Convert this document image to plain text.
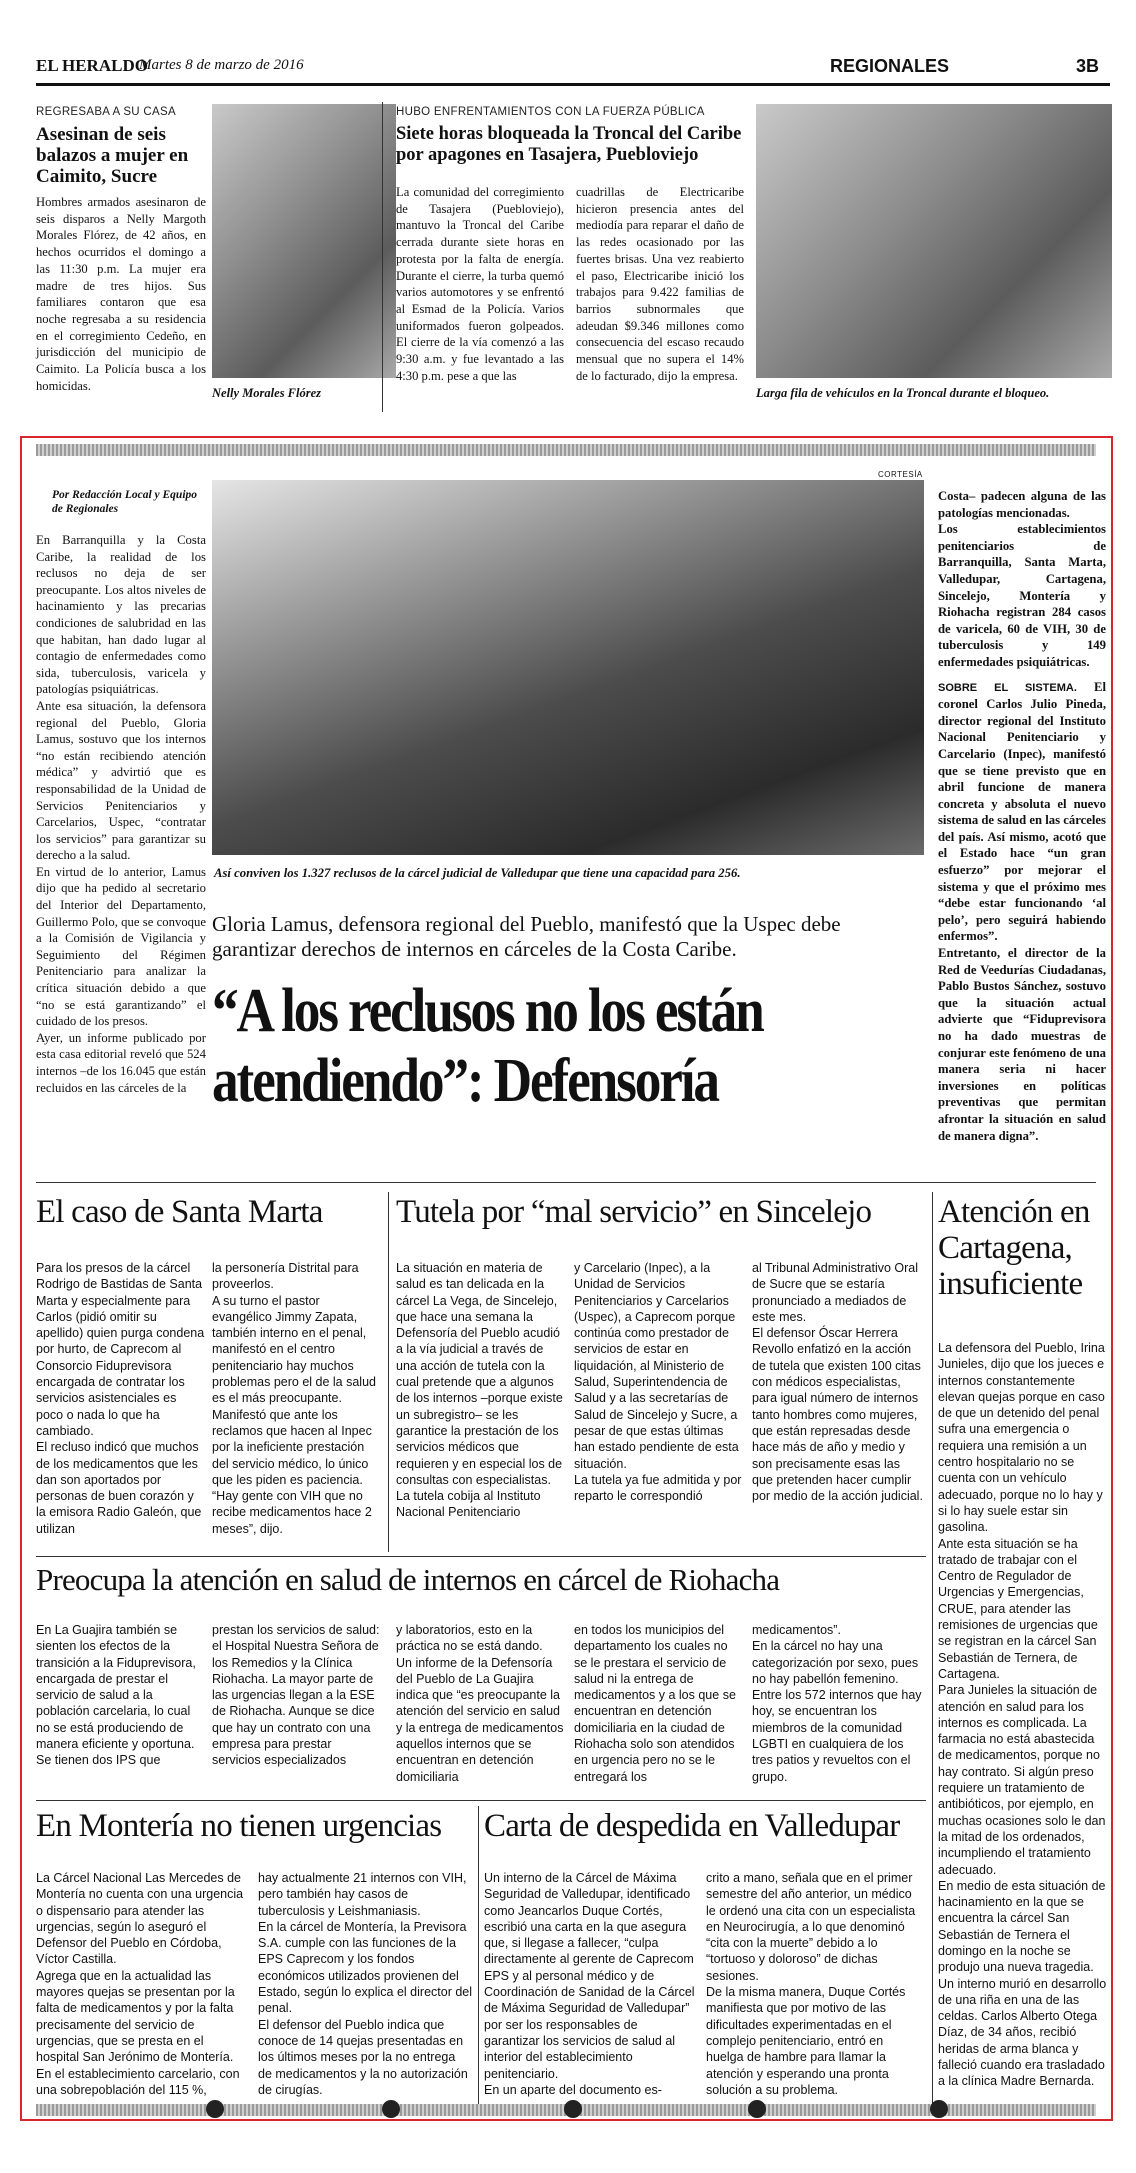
EL HERALDO
Martes 8 de marzo de 2016	REGIONALES	3B
REGRESABA A SU CASA
Asesinan de seis balazos a mujer en Caimito, Sucre
Hombres armados asesinaron de seis disparos a Nelly Margoth Morales Flórez, de 42 años, en hechos ocurridos el domingo a las 11:30 p.m. La mujer era madre de tres hijos. Sus familiares contaron que esa noche regresaba a su residencia en el corregimiento Cedeño, en jurisdicción del municipio de Caimito. La Policía busca a los homicidas.
Nelly Morales Flórez
HUBO ENFRENTAMIENTOS CON LA FUERZA PÚBLICA
Siete horas bloqueada la Troncal del Caribe por apagones en Tasajera, Puebloviejo
La comunidad del corregimiento de Tasajera (Puebloviejo), mantuvo la Troncal del Caribe cerrada durante siete horas en protesta por la falta de energía. Durante el cierre, la turba quemó varios automotores y se enfrentó al Esmad de la Policía. Varios uniformados fueron golpeados. El cierre de la vía comenzó a las 9:30 a.m. y fue levantado a las 4:30 p.m. pese a que las
cuadrillas de Electricaribe hicieron presencia antes del mediodía para reparar el daño de las redes ocasionado por las fuertes brisas. Una vez reabierto el paso, Electricaribe inició los trabajos para 9.422 familias de barrios subnormales que adeudan $9.346 millones como consecuencia del escaso recaudo mensual que no supera el 14% de lo facturado, dijo la empresa.
Larga fila de vehículos en la Troncal durante el bloqueo.
Por Redacción Local y Equipo de Regionales
En Barranquilla y la Costa Caribe, la realidad de los reclusos no deja de ser preocupante. Los altos niveles de hacinamiento y las precarias condiciones de salubridad en las que habitan, han dado lugar al contagio de enfermedades como sida, tuberculosis, varicela y patologías psiquiátricas.
Ante esa situación, la defensora regional del Pueblo, Gloria Lamus, sostuvo que los internos “no están recibiendo atención médica” y advirtió que es responsabilidad de la Unidad de Servicios Penitenciarios y Carcelarios, Uspec, “contratar los servicios” para garantizar su derecho a la salud.
En virtud de lo anterior, Lamus dijo que ha pedido al secretario del Interior del Departamento, Guillermo Polo, que se convoque a la Comisión de Vigilancia y Seguimiento del Régimen Penitenciario para analizar la crítica situación debido a que “no se está garantizando” el cuidado de los presos.
Ayer, un informe publicado por esta casa editorial reveló que 524 internos –de los 16.045 que están recluidos en las cárceles de la
CORTESÍA
Así conviven los 1.327 reclusos de la cárcel judicial de Valledupar que tiene una capacidad para 256.
Gloria Lamus, defensora regional del Pueblo, manifestó que la Uspec debe garantizar derechos de internos en cárceles de la Costa Caribe.
“A los reclusos no los están atendiendo”: Defensoría
Costa– padecen alguna de las patologías mencionadas.
Los establecimientos penitenciarios de Barranquilla, Santa Marta, Valledupar, Cartagena, Sincelejo, Montería y Riohacha registran 284 casos de varicela, 60 de VIH, 30 de tuberculosis y 149 enfermedades psiquiátricas.
SOBRE EL SISTEMA. El coronel Carlos Julio Pineda, director regional del Instituto Nacional Penitenciario y Carcelario (Inpec), manifestó que se tiene previsto que en abril funcione de manera concreta y absoluta el nuevo sistema de salud en las cárceles del país. Así mismo, acotó que el Estado hace “un gran esfuerzo” por mejorar el sistema y que el próximo mes “debe estar funcionando ‘al pelo’, pero seguirá habiendo enfermos”.
Entretanto, el director de la Red de Veedurías Ciudadanas, Pablo Bustos Sánchez, sostuvo que la situación actual advierte que “Fiduprevisora no ha dado muestras de conjurar este fenómeno de una manera seria ni hacer inversiones en políticas preventivas que permitan afrontar la situación en salud de manera digna”.
El caso de Santa Marta
Para los presos de la cárcel Rodrigo de Bastidas de Santa Marta y especialmente para Carlos (pidió omitir su apellido) quien purga condena por hurto, de Caprecom al Consorcio Fiduprevisora encargada de contratar los servicios asistenciales es poco o nada lo que ha cambiado.
El recluso indicó que muchos de los medicamentos que les dan son aportados por personas de buen corazón y la emisora Radio Galeón, que utilizan
la personería Distrital para proveerlos.
A su turno el pastor evangélico Jimmy Zapata, también interno en el penal, manifestó en el centro penitenciario hay muchos problemas pero el de la salud es el más preocupante.
Manifestó que ante los reclamos que hacen al Inpec por la ineficiente prestación del servicio médico, lo único que les piden es paciencia. “Hay gente con VIH que no recibe medicamentos hace 2 meses”, dijo.
Tutela por “mal servicio” en Sincelejo
La situación en materia de salud es tan delicada en la cárcel La Vega, de Sincelejo, que hace una semana la Defensoría del Pueblo acudió a la vía judicial a través de una acción de tutela con la cual pretende que a algunos de los internos –porque existe un subregistro– se les garantice la prestación de los servicios médicos que requieren y en especial los de consultas con especialistas.
La tutela cobija al Instituto Nacional Penitenciario
y Carcelario (Inpec), a la Unidad de Servicios Penitenciarios y Carcelarios (Uspec), a Caprecom porque continúa como prestador de servicios de estar en liquidación, al Ministerio de Salud, Superintendencia de Salud y a las secretarías de Salud de Sincelejo y Sucre, a pesar de que estas últimas han estado pendiente de esta situación.
La tutela ya fue admitida y por reparto le correspondió
al Tribunal Administrativo Oral de Sucre que se estaría pronunciado a mediados de este mes.
El defensor Óscar Herrera Revollo enfatizó en la acción de tutela que existen 100 citas con médicos especialistas, para igual número de internos tanto hombres como mujeres, que están represadas desde hace más de año y medio y son precisamente esas las que pretenden hacer cumplir por medio de la acción judicial.
Atención en Cartagena, insuficiente
La defensora del Pueblo, Irina Junieles, dijo que los jueces e internos constantemente elevan quejas porque en caso de que un detenido del penal sufra una emergencia o requiera una remisión a un centro hospitalario no se cuenta con un vehículo adecuado, porque no lo hay y si lo hay suele estar sin gasolina.
Ante esta situación se ha tratado de trabajar con el Centro de Regulador de Urgencias y Emergencias, CRUE, para atender las remisiones de urgencias que se registran en la cárcel San Sebastián de Ternera, de Cartagena.
Para Junieles la situación de atención en salud para los internos es complicada. La farmacia no está abastecida de medicamentos, porque no hay contrato. Si algún preso requiere un tratamiento de antibióticos, por ejemplo, en muchas ocasiones solo le dan la mitad de los ordenados, incumpliendo el tratamiento adecuado.
En medio de esta situación de hacinamiento en la que se encuentra la cárcel San Sebastián de Ternera el domingo en la noche se produjo una nueva tragedia. Un interno murió en desarrollo de una riña en una de las celdas. Carlos Alberto Otega Díaz, de 34 años, recibió heridas de arma blanca y falleció cuando era trasladado a la clínica Madre Bernarda.
Preocupa la atención en salud de internos en cárcel de Riohacha
En La Guajira también se sienten los efectos de la transición a la Fiduprevisora, encargada de prestar el servicio de salud a la población carcelaria, lo cual no se está produciendo de manera eficiente y oportuna.
Se tienen dos IPS que
prestan los servicios de salud: el Hospital Nuestra Señora de los Remedios y la Clínica Riohacha. La mayor parte de las urgencias llegan a la ESE de Riohacha. Aunque se dice que hay un contrato con una empresa para prestar servicios especializados
y laboratorios, esto en la práctica no se está dando.
Un informe de la Defensoría del Pueblo de La Guajira indica que “es preocupante la atención del servicio en salud y la entrega de medicamentos aquellos internos que se encuentran en detención domiciliaria
en todos los municipios del departamento los cuales no se le prestara el servicio de salud ni la entrega de medicamentos y a los que se encuentran en detención domiciliaria en la ciudad de Riohacha solo son atendidos en urgencia pero no se le entregará los
medicamentos”.
En la cárcel no hay una categorización por sexo, pues no hay pabellón femenino. Entre los 572 internos que hay hoy, se encuentran los miembros de la comunidad LGBTI en cualquiera de los tres patios y revueltos con el grupo.
En Montería no tienen urgencias
La Cárcel Nacional Las Mercedes de Montería no cuenta con una urgencia o dispensario para atender las urgencias, según lo aseguró el Defensor del Pueblo en Córdoba, Víctor Castilla.
Agrega que en la actualidad las mayores quejas se presentan por la falta de medicamentos y por la falta precisamente del servicio de urgencias, que se presta en el hospital San Jerónimo de Montería.
En el establecimiento carcelario, con una sobrepoblación del 115 %,
hay actualmente 21 internos con VIH, pero también hay casos de tuberculosis y Leishmaniasis.
En la cárcel de Montería, la Previsora S.A. cumple con las funciones de la EPS Caprecom y los fondos económicos utilizados provienen del Estado, según lo explica el director del penal.
El defensor del Pueblo indica que conoce de 14 quejas presentadas en los últimos meses por la no entrega de medicamentos y la no autorización de cirugías.
Carta de despedida en Valledupar
Un interno de la Cárcel de Máxima Seguridad de Valledupar, identificado como Jeancarlos Duque Cortés, escribió una carta en la que asegura que, si llegase a fallecer, “culpa directamente al gerente de Caprecom EPS y al personal médico y de Coordinación de Sanidad de la Cárcel de Máxima Seguridad de Valledupar” por ser los responsables de garantizar los servicios de salud al interior del establecimiento penitenciario.
En un aparte del documento es-
crito a mano, señala que en el primer semestre del año anterior, un médico le ordenó una cita con un especialista en Neurocirugía, a lo que denominó “cita con la muerte” debido a lo “tortuoso y doloroso” de dichas sesiones.
De la misma manera, Duque Cortés manifiesta que por motivo de las dificultades experimentadas en el complejo penitenciario, entró en huelga de hambre para llamar la atención y esperando una pronta solución a su problema.
